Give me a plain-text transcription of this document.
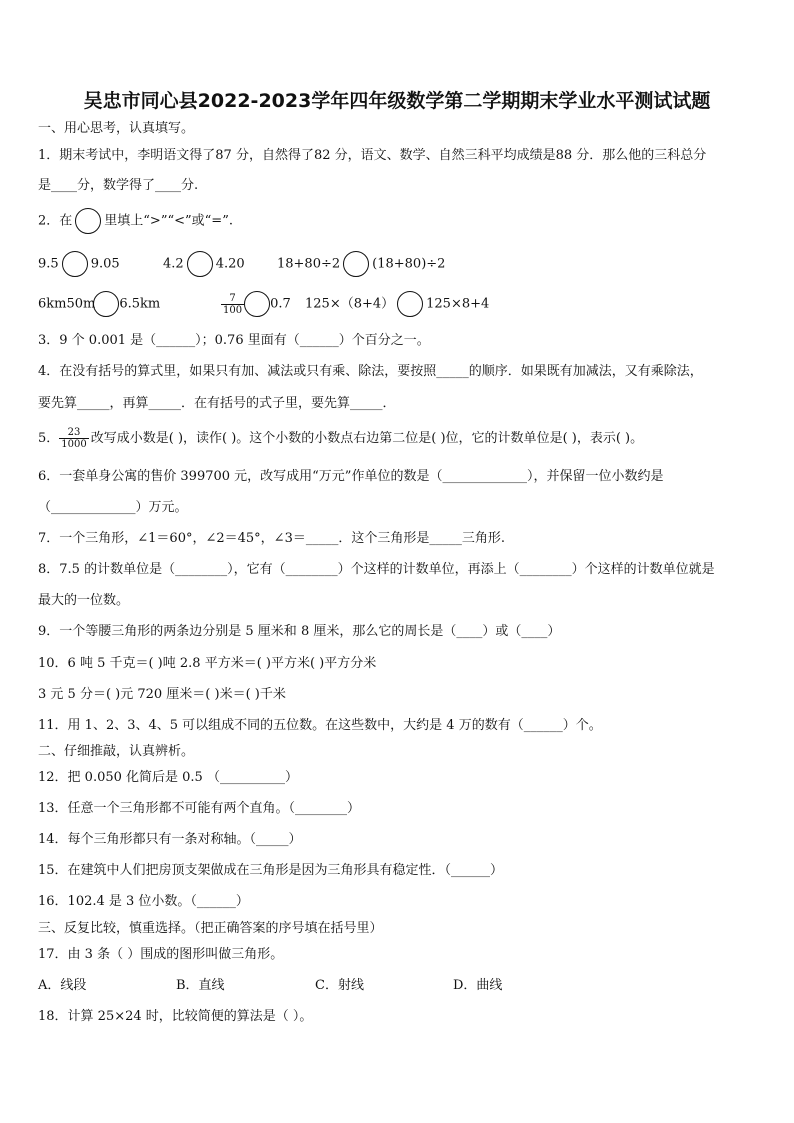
吴忠市同心县2022-2023学年四年级数学第二学期期末学业水平测试试题
一、用心思考，认真填写。
1．期末考试中，李明语文得了87 分，自然得了82 分，语文、数学、自然三科平均成绩是88 分．那么他的三科总分
是____分，数学得了____分.
2．在 里填上“>”“<”或“=”.
9.5 9.05	4.2 4.20 18+80÷2 (18+80)÷2
6km50m 6.5km	$\frac{7}{100} 0.7$ 125×（8+4） 125×8+4
3．9 个 0.001 是（______）；0.76 里面有（______）个百分之一。
4．在没有括号的算式里，如果只有加、减法或只有乘、除法，要按照_____的顺序．如果既有加减法，又有乘除法，
要先算_____，再算_____．在有括号的式子里，要先算_____．
5． $\frac{23}{1000}$ 改写成小数是( )，读作( )。这个小数的小数点右边第二位是( )位，它的计数单位是( )，表示( )。
6．一套单身公寓的售价 399700 元，改写成用“万元”作单位的数是（_____________），并保留一位小数约是
（_____________）万元。
7．一个三角形，∠1＝60°，∠2＝45°，∠3＝_____．这个三角形是_____三角形.
8．7.5 的计数单位是（________），它有（________）个这样的计数单位，再添上（________）个这样的计数单位就是
最大的一位数。
9．一个等腰三角形的两条边分别是 5 厘米和 8 厘米，那么它的周长是（____）或（____）
10．6 吨 5 千克＝( )吨 2.8 平方米＝( )平方米( )平方分米
3 元 5 分＝( )元 720 厘米＝( )米＝( )千米
11．用 1、2、3、4、5 可以组成不同的五位数。在这些数中，大约是 4 万的数有（______）个。
二、仔细推敲，认真辨析。
12．把 0.050 化简后是 0.5 （__________）
13．任意一个三角形都不可能有两个直角。（________）
14．每个三角形都只有一条对称轴。（_____）
15．在建筑中人们把房顶支架做成在三角形是因为三角形具有稳定性．（______）
16．102.4 是 3 位小数。（______）
三、反复比较，慎重选择。（把正确答案的序号填在括号里）
17．由 3 条（ ）围成的图形叫做三角形。
A．线段	B．直线	C．射线	D．曲线
18．计算 25×24 时，比较简便的算法是（ ）。
